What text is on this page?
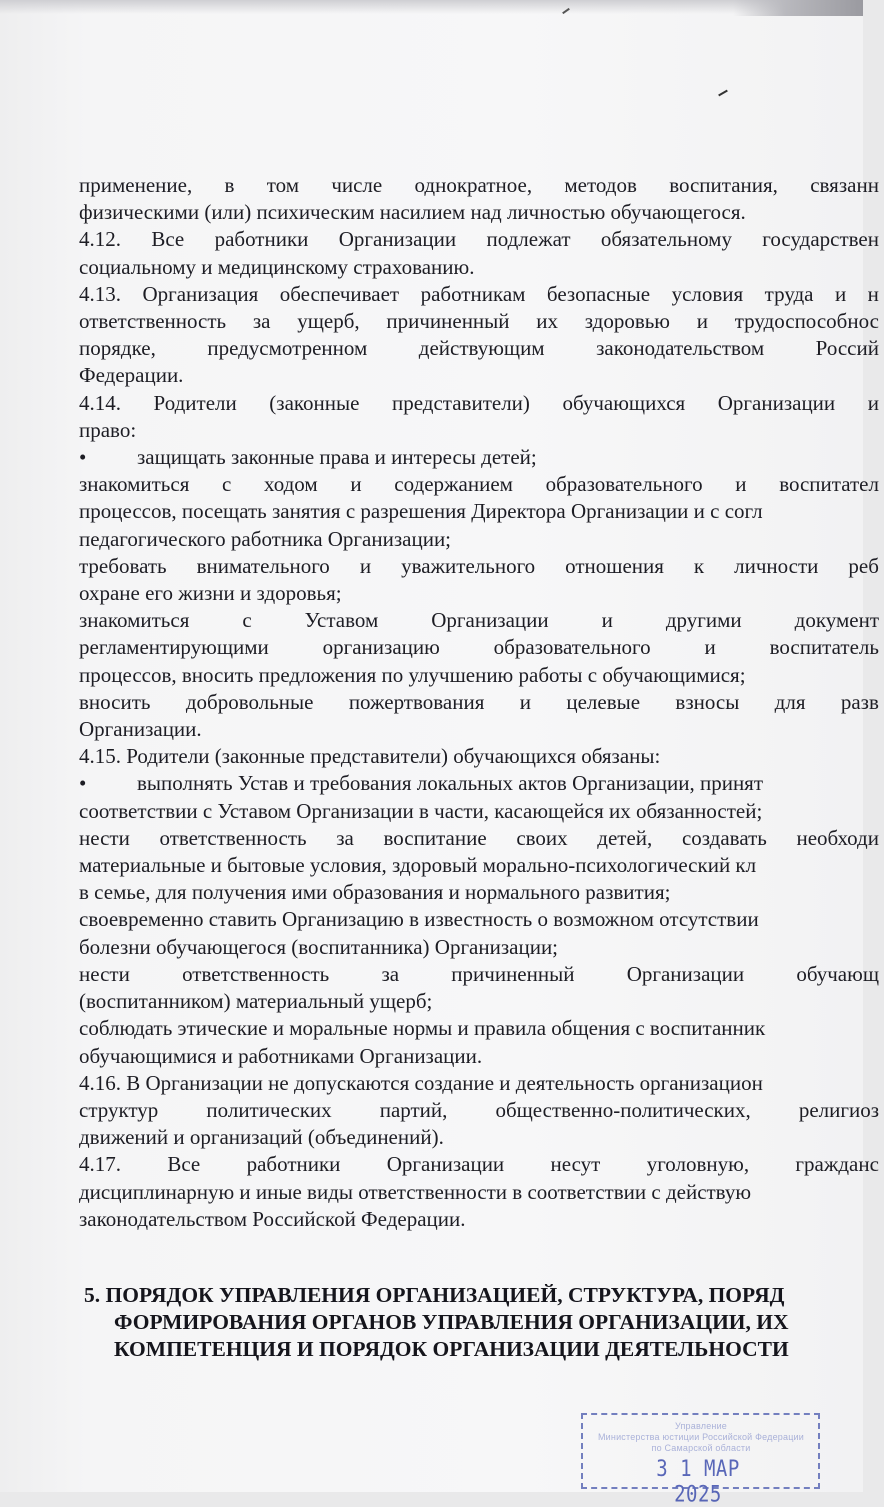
применение, в том числе однократное, методов воспитания, связанн

физическими (или) психическим насилием над личностью обучающегося.

4.12. Все работники Организации подлежат обязательному государствен

социальному и медицинскому страхованию.

4.13. Организация обеспечивает работникам безопасные условия труда и н

ответственность за ущерб, причиненный их здоровью и трудоспособнос

порядке, предусмотренном действующим законодательством Россий

Федерации.

4.14. Родители (законные представители) обучающихся Организации и

право:

• защищать законные права и интересы детей;

знакомиться с ходом и содержанием образовательного и воспитател

процессов, посещать занятия с разрешения Директора Организации и с согл

педагогического работника Организации;

требовать внимательного и уважительного отношения к личности реб

охране его жизни и здоровья;

знакомиться	с	Уставом	Организации	и	другими	документ

регламентирующими	организацию	образовательного	и	воспитатель

процессов, вносить предложения по улучшению работы с обучающимися;

вносить добровольные пожертвования и целевые взносы для разв

Организации.

4.15. Родители (законные представители) обучающихся обязаны:

• выполнять Устав и требования локальных актов Организации, принят

соответствии с Уставом Организации в части, касающейся их обязанностей;

нести ответственность за воспитание своих детей, создавать необходи

материальные и бытовые условия, здоровый морально-психологический кл

в семье, для получения ими образования и нормального развития;

своевременно ставить Организацию в известность о возможном отсутствии

болезни обучающегося (воспитанника) Организации;

нести ответственность за причиненный Организации обучающ

(воспитанником) материальный ущерб;

соблюдать этические и моральные нормы и правила общения с воспитанник

обучающимися и работниками Организации.

4.16. В Организации не допускаются создание и деятельность организацион

структур политических партий, общественно-политических, религиоз

движений и организаций (объединений).

4.17. Все работники Организации несут уголовную, гражданс

дисциплинарную и иные виды ответственности в соответствии с действую

законодательством Российской Федерации.

5. ПОРЯДОК УПРАВЛЕНИЯ ОРГАНИЗАЦИЕЙ, СТРУКТУРА, ПОРЯД
ФОРМИРОВАНИЯ ОРГАНОВ УПРАВЛЕНИЯ ОРГАНИЗАЦИИ, ИХ
КОМПЕТЕНЦИЯ И ПОРЯДОК ОРГАНИЗАЦИИ ДЕЯТЕЛЬНОСТИ
Управление
Министерства юстиции Российской Федерации
по Самарской области
3 1 МАР 2025
